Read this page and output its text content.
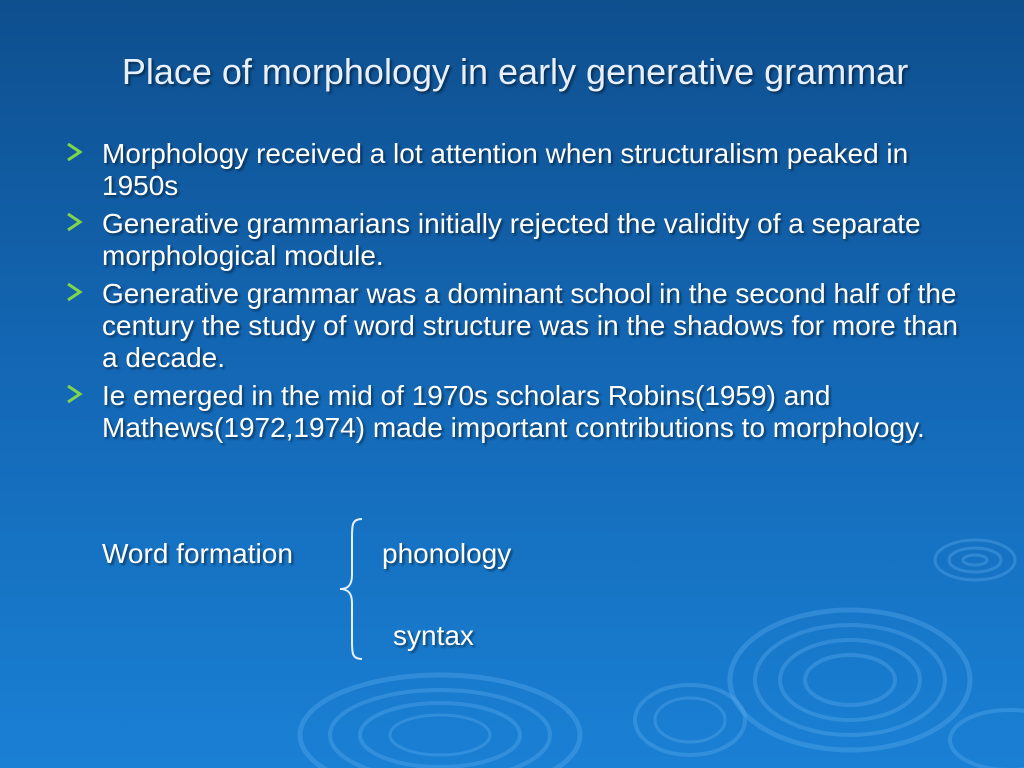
Place of morphology in early generative grammar
Morphology received a lot attention when structuralism peaked in 1950s
Generative grammarians initially rejected the validity of a separate morphological module.
Generative grammar was a dominant school in the second half of the century the study of word structure was in the shadows for more than a decade.
Ie emerged in the mid of 1970s scholars Robins(1959) and Mathews(1972,1974) made important contributions to morphology.
Word formation	phonology
syntax
